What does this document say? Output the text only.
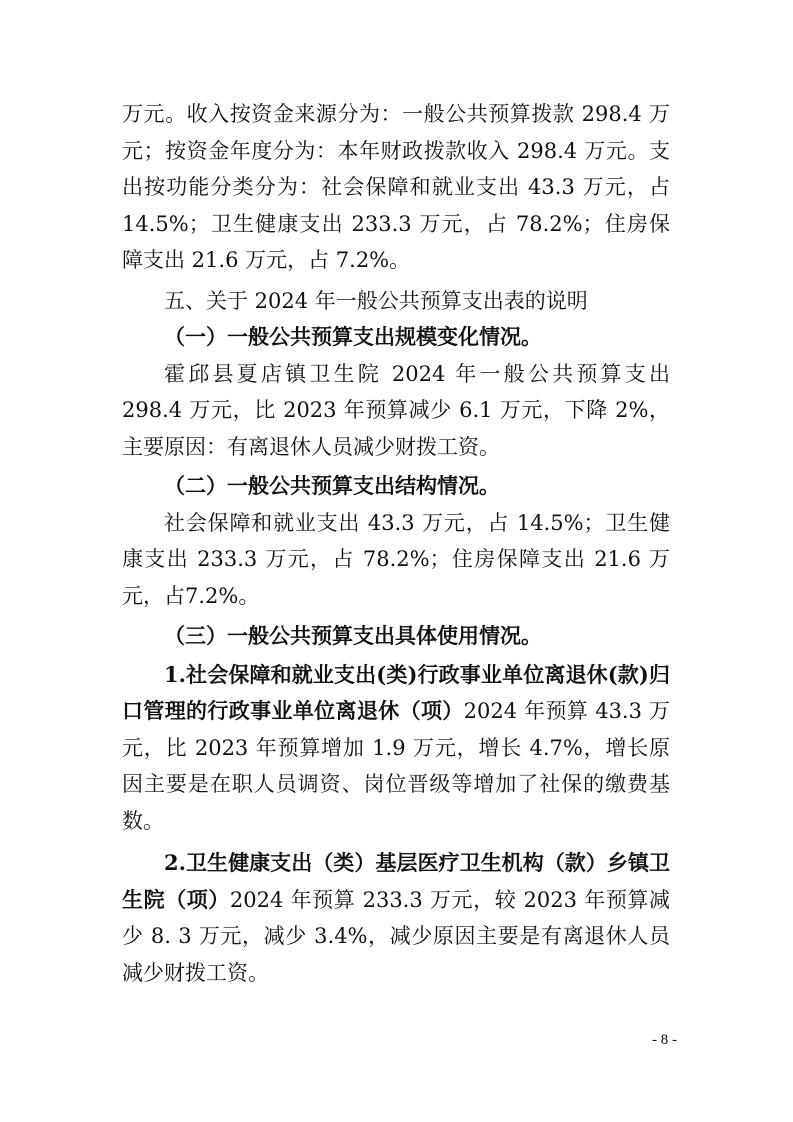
万元。收入按资金来源分为：一般公共预算拨款 298.4 万元；按资金年度分为：本年财政拨款收入 298.4 万元。支出按功能分类分为：社会保障和就业支出 43.3 万元，占14.5%；卫生健康支出 233.3 万元，占 78.2%；住房保障支出 21.6 万元，占 7.2%。

五、关于 2024 年一般公共预算支出表的说明

（一）一般公共预算支出规模变化情况。

霍邱县夏店镇卫生院 2024 年一般公共预算支出 298.4 万元，比 2023 年预算减少 6.1 万元，下降 2%，主要原因：有离退休人员减少财拨工资。

（二）一般公共预算支出结构情况。

社会保障和就业支出 43.3 万元，占 14.5%；卫生健康支出 233.3 万元，占 78.2%；住房保障支出 21.6 万元，占7.2%。

（三）一般公共预算支出具体使用情况。

1.社会保障和就业支出(类)行政事业单位离退休(款)归口管理的行政事业单位离退休（项）2024 年预算 43.3 万元，比 2023 年预算增加 1.9 万元，增长 4.7%，增长原因主要是在职人员调资、岗位晋级等增加了社保的缴费基数。

2.卫生健康支出（类）基层医疗卫生机构（款）乡镇卫生院（项）2024 年预算 233.3 万元，较 2023 年预算减少 8. 3 万元，减少 3.4%，减少原因主要是有离退休人员减少财拨工资。

- 8 -
